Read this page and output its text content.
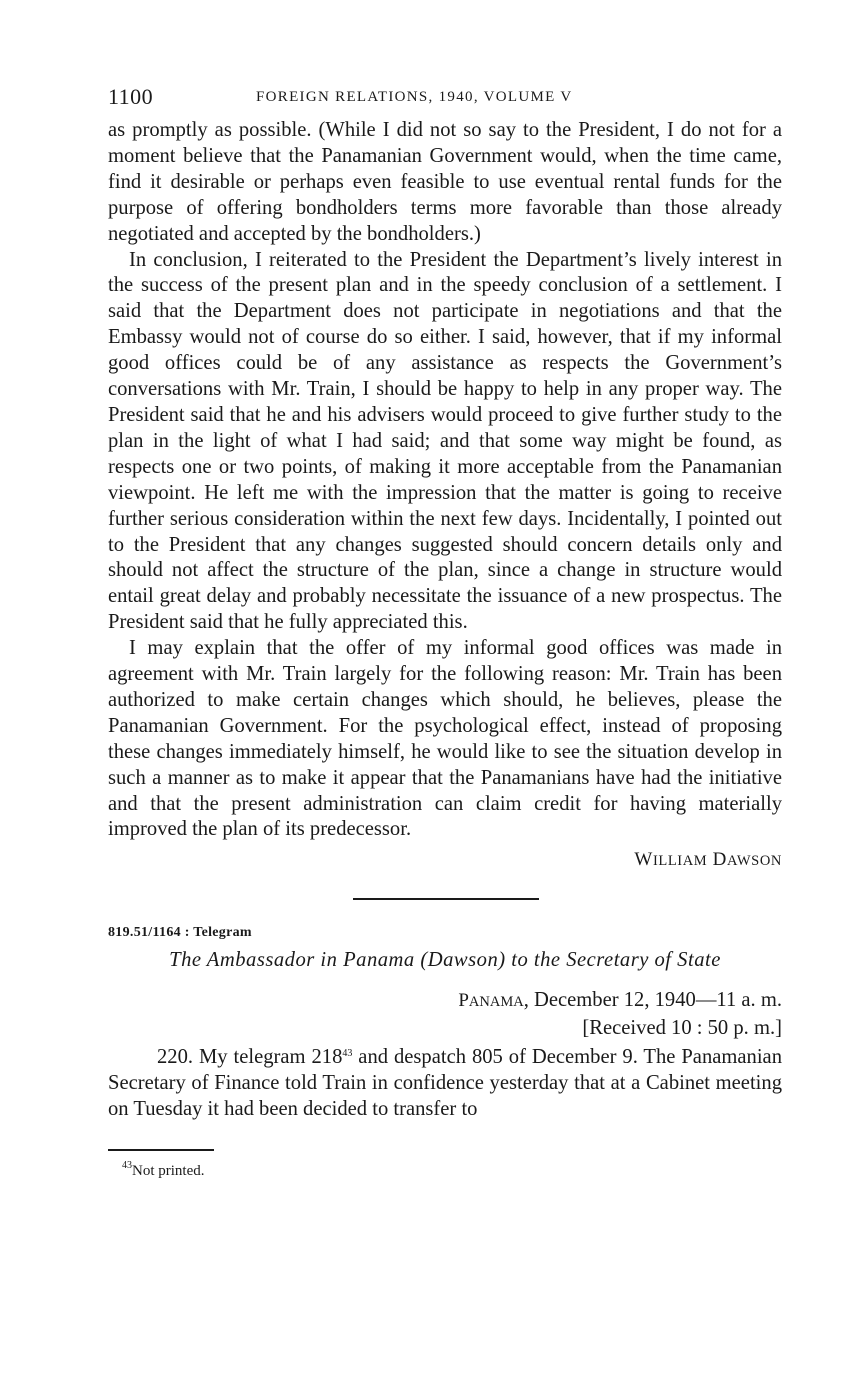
1100	FOREIGN RELATIONS, 1940, VOLUME V

as promptly as possible. (While I did not so say to the President, I do not for a moment believe that the Panamanian Government would, when the time came, find it desirable or perhaps even feasible to use eventual rental funds for the purpose of offering bondholders terms more favorable than those already negotiated and accepted by the bondholders.)

In conclusion, I reiterated to the President the Department’s lively interest in the success of the present plan and in the speedy conclusion of a settlement. I said that the Department does not participate in negotiations and that the Embassy would not of course do so either. I said, however, that if my informal good offices could be of any assistance as respects the Government’s conversations with Mr. Train, I should be happy to help in any proper way. The President said that he and his advisers would proceed to give further study to the plan in the light of what I had said; and that some way might be found, as respects one or two points, of making it more acceptable from the Panamanian viewpoint. He left me with the impression that the matter is going to receive further serious consideration within the next few days. Incidentally, I pointed out to the President that any changes suggested should concern details only and should not affect the structure of the plan, since a change in structure would entail great delay and probably necessitate the issuance of a new prospectus. The President said that he fully appreciated this.

I may explain that the offer of my informal good offices was made in agreement with Mr. Train largely for the following reason: Mr. Train has been authorized to make certain changes which should, he believes, please the Panamanian Government. For the psychological effect, instead of proposing these changes immediately himself, he would like to see the situation develop in such a manner as to make it appear that the Panamanians have had the initiative and that the present administration can claim credit for having materially improved the plan of its predecessor.

WILLIAM DAWSON
819.51/1164 : Telegram
The Ambassador in Panama (Dawson) to the Secretary of State
PANAMA, December 12, 1940—11 a. m.
[Received 10 : 50 p. m.]
220. My telegram 218$^{43}$ and despatch 805 of December 9. The Panamanian Secretary of Finance told Train in confidence yesterday that at a Cabinet meeting on Tuesday it had been decided to transfer to
$^{43}$Not printed.
